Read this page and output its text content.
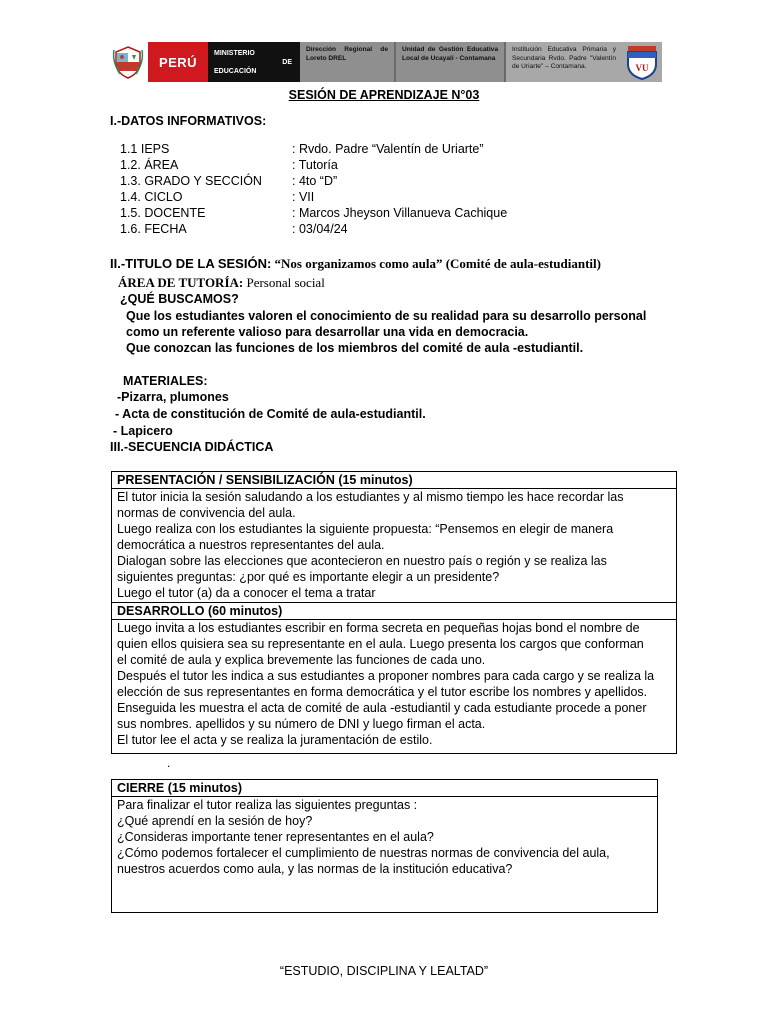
PERÚ
MINISTERIO
DE
EDUCACIÓN
Dirección Regional de Loreto DREL
Unidad de Gestión Educativa Local de Ucayali - Contamana
Institución Educativa Primaria y Secundaria Rvdo. Padre "Valentín de Uriarte" – Contamana.	VU
SESIÓN DE APRENDIZAJE N°03
I.-DATOS INFORMATIVOS:
1.1 IEPS	: Rvdo. Padre “Valentín de Uriarte”
1.2. ÁREA	: Tutoría
1.3. GRADO Y SECCIÓN	: 4to “D”
1.4. CICLO	: VII
1.5. DOCENTE	: Marcos Jheyson Villanueva Cachique
1.6. FECHA	: 03/04/24
II.-TITULO DE LA SESIÓN: “Nos organizamos como aula” (Comité de aula-estudiantil)
ÁREA DE TUTORÍA: Personal social
¿QUÉ BUSCAMOS?
Que los estudiantes valoren el conocimiento de su realidad para su desarrollo personal
como un referente valioso para desarrollar una vida en democracia.
Que conozcan las funciones de los miembros del comité de aula -estudiantil.
MATERIALES:
-Pizarra, plumones
- Acta de constitución de Comité de aula-estudiantil.
- Lapicero
III.-SECUENCIA DIDÁCTICA
PRESENTACIÓN / SENSIBILIZACIÓN (15 minutos)
El tutor inicia la sesión saludando a los estudiantes y al mismo tiempo les hace recordar las
normas de convivencia del aula.
Luego realiza con los estudiantes la siguiente propuesta: “Pensemos en elegir de manera
democrática a nuestros representantes del aula.
Dialogan sobre las elecciones que acontecieron en nuestro país o región y se realiza las
siguientes preguntas: ¿por qué es importante elegir a un presidente?
Luego el tutor (a) da a conocer el tema a tratar
DESARROLLO (60 minutos)
Luego invita a los estudiantes escribir en forma secreta en pequeñas hojas bond el nombre de
quien ellos quisiera sea su representante en el aula. Luego presenta los cargos que conforman
el comité de aula y explica brevemente las funciones de cada uno.
Después el tutor les indica a sus estudiantes a proponer nombres para cada cargo y se realiza la
elección de sus representantes en forma democrática y el tutor escribe los nombres y apellidos.
Enseguida les muestra el acta de comité de aula -estudiantil y cada estudiante procede a poner
sus nombres. apellidos y su número de DNI y luego firman el acta.
El tutor lee el acta y se realiza la juramentación de estilo.
.
CIERRE (15 minutos)
Para finalizar el tutor realiza las siguientes preguntas :
¿Qué aprendí en la sesión de hoy?
¿Consideras importante tener representantes en el aula?
¿Cómo podemos fortalecer el cumplimiento de nuestras normas de convivencia del aula,
nuestros acuerdos como aula, y las normas de la institución educativa?
“ESTUDIO, DISCIPLINA Y LEALTAD”
